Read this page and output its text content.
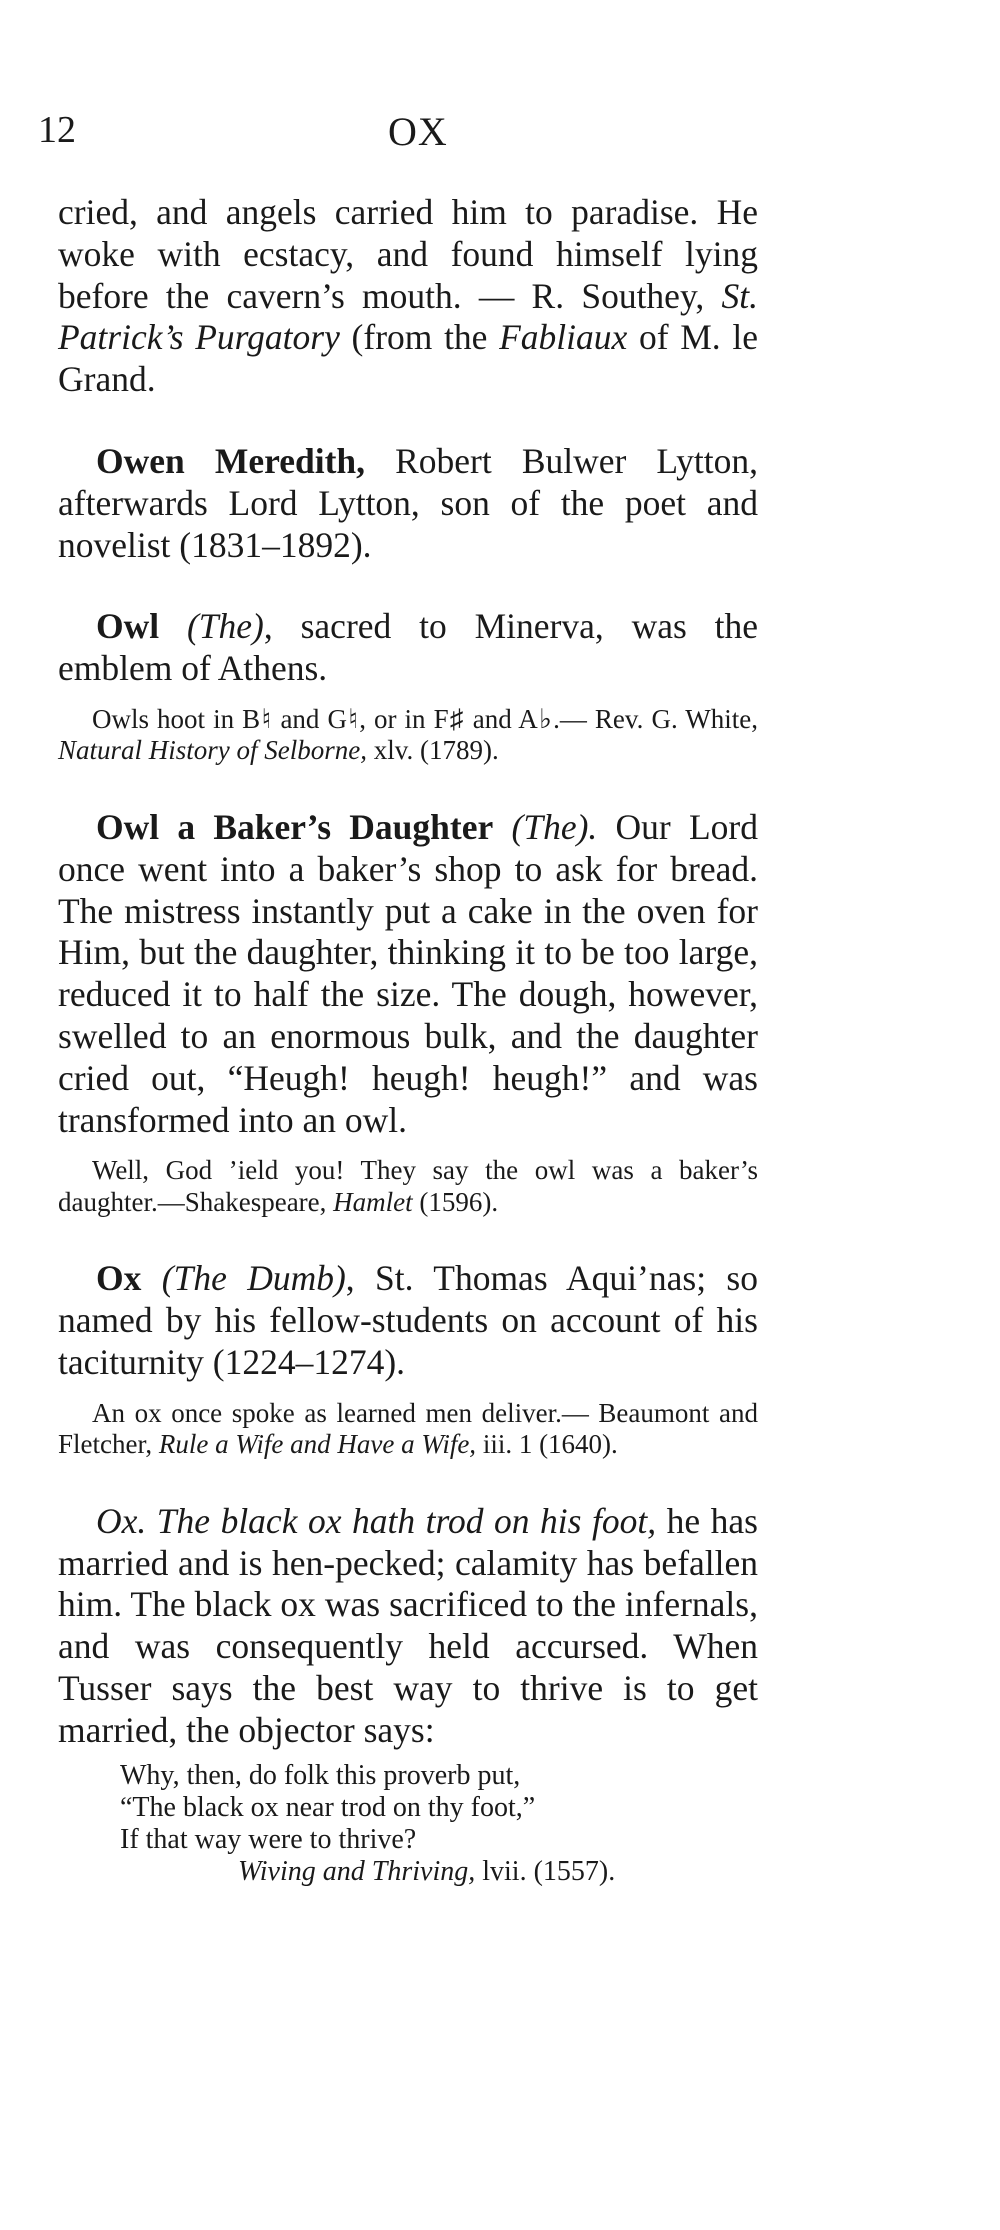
12	OX

cried, and angels carried him to paradise. He woke with ecstacy, and found himself lying before the cavern’s mouth. — R. Southey, St. Patrick’s Purgatory (from the Fabliaux of M. le Grand.

Owen Meredith, Robert Bulwer Lytton, afterwards Lord Lytton, son of the poet and novelist (1831–1892).

Owl (The), sacred to Minerva, was the emblem of Athens.

Owls hoot in B♮ and G♮, or in F♯ and A♭.— Rev. G. White, Natural History of Selborne, xlv. (1789).

Owl a Baker’s Daughter (The). Our Lord once went into a baker’s shop to ask for bread. The mistress instantly put a cake in the oven for Him, but the daughter, thinking it to be too large, reduced it to half the size. The dough, however, swelled to an enormous bulk, and the daughter cried out, “Heugh! heugh! heugh!” and was transformed into an owl.

Well, God ’ield you! They say the owl was a baker’s daughter.—Shakespeare, Hamlet (1596).

Ox (The Dumb), St. Thomas Aqui’nas; so named by his fellow-students on account of his taciturnity (1224–1274).

An ox once spoke as learned men deliver.— Beaumont and Fletcher, Rule a Wife and Have a Wife, iii. 1 (1640).

Ox. The black ox hath trod on his foot, he has married and is hen-pecked; calamity has befallen him. The black ox was sacrificed to the infernals, and was consequently held accursed. When Tusser says the best way to thrive is to get married, the objector says:

Why, then, do folk this proverb put,
“The black ox near trod on thy foot,”
If that way were to thrive?
Wiving and Thriving, lvii. (1557).
